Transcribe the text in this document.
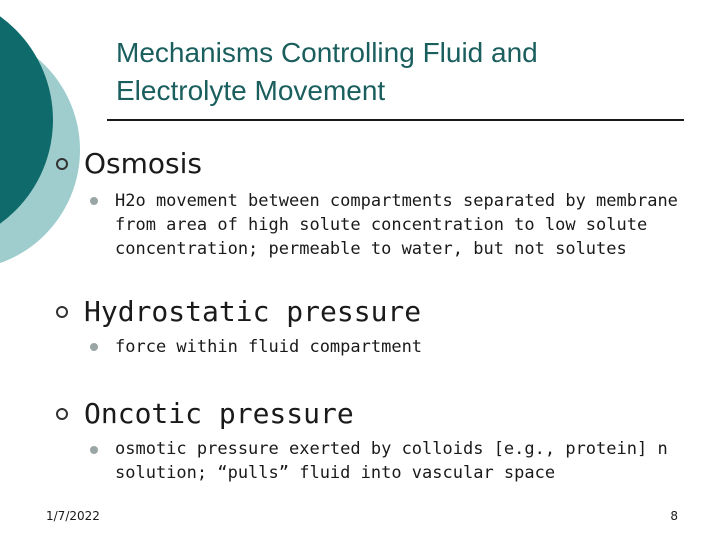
Mechanisms Controlling Fluid and Electrolyte Movement
Osmosis
H2o movement between compartments separated by membrane from area of high solute concentration to low solute concentration; permeable to water, but not solutes
Hydrostatic pressure
force within fluid compartment
Oncotic pressure
osmotic pressure exerted by colloids [e.g., protein] n solution; “pulls” fluid into vascular space
1/7/2022	8
